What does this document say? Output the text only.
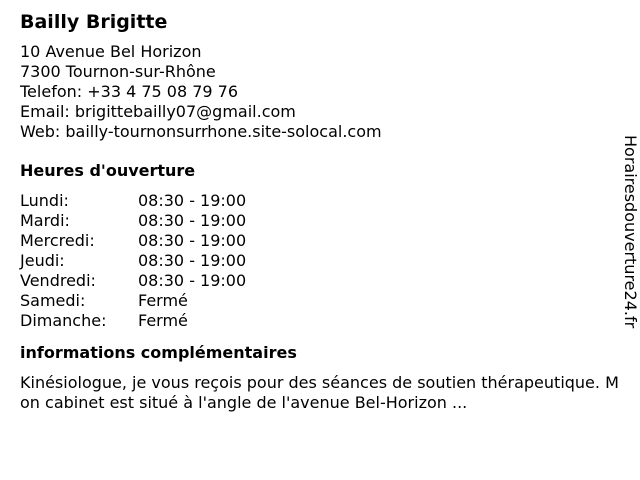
Bailly Brigitte
10 Avenue Bel Horizon
7300 Tournon-sur-Rhône
Telefon: +33 4 75 08 79 76
Email: brigittebailly07@gmail.com
Web: bailly-tournonsurrhone.site-solocal.com
Heures d'ouverture
Lundi:	08:30 - 19:00
Mardi:	08:30 - 19:00
Mercredi:	08:30 - 19:00
Jeudi:	08:30 - 19:00
Vendredi:	08:30 - 19:00
Samedi:	Fermé
Dimanche:	Fermé
informations complémentaires
Kinésiologue, je vous reçois pour des séances de soutien thérapeutique. Mon cabinet est situé à l'angle de l'avenue Bel-Horizon ...
Horairesdouverture24.fr
